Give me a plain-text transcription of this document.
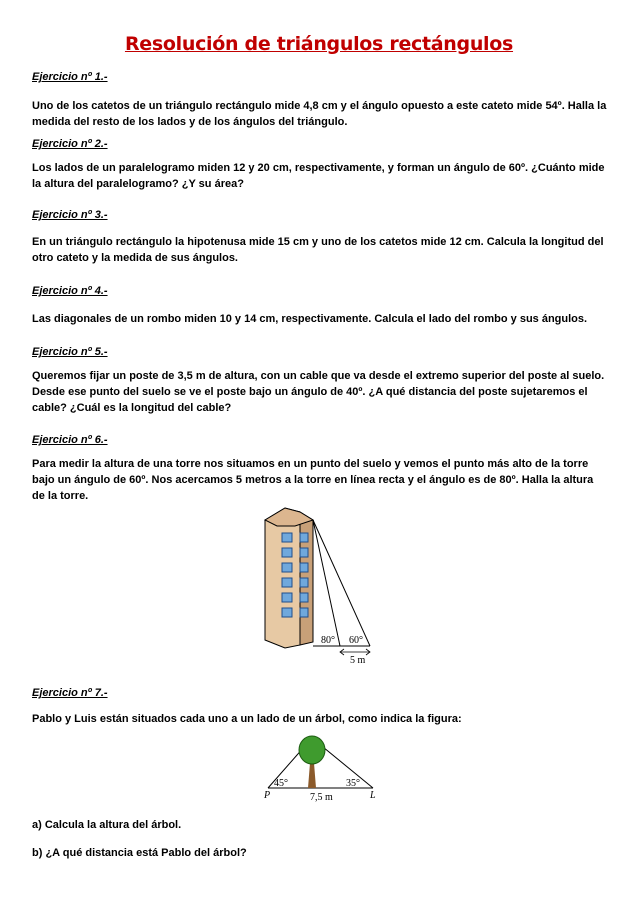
Resolución de triángulos rectángulos
Ejercicio nº 1.-
Uno de los catetos de un triángulo rectángulo mide 4,8 cm y el ángulo opuesto a este cateto mide 54º. Halla la medida del resto de los lados y de los ángulos del triángulo.
Ejercicio nº 2.-
Los lados de un paralelogramo miden 12 y 20 cm, respectivamente, y forman un ángulo de 60º. ¿Cuánto mide la altura del paralelogramo? ¿Y su área?
Ejercicio nº 3.-
En un triángulo rectángulo la hipotenusa mide 15 cm y uno de los catetos mide 12 cm. Calcula la longitud del otro cateto y la medida de sus ángulos.
Ejercicio nº 4.-
Las diagonales de un rombo miden 10 y 14 cm, respectivamente. Calcula el lado del rombo y sus ángulos.
Ejercicio nº 5.-
Queremos fijar un poste de 3,5 m de altura, con un cable que va desde el extremo superior del poste al suelo. Desde ese punto del suelo se ve el poste bajo un ángulo de 40º. ¿A qué distancia del poste sujetaremos el cable? ¿Cuál es la longitud del cable?
Ejercicio nº 6.-
Para medir la altura de una torre nos situamos en un punto del suelo y vemos el punto más alto de la torre bajo un ángulo de 60º. Nos acercamos 5 metros a la torre en línea recta y el ángulo es de 80º. Halla la altura de la torre.
80° 60°
5 m
Ejercicio nº 7.-
Pablo y Luis están situados cada uno a un lado de un árbol, como indica la figura:
45°	35°
P	L
7,5 m
a) Calcula la altura del árbol.
b) ¿A qué distancia está Pablo del árbol?
